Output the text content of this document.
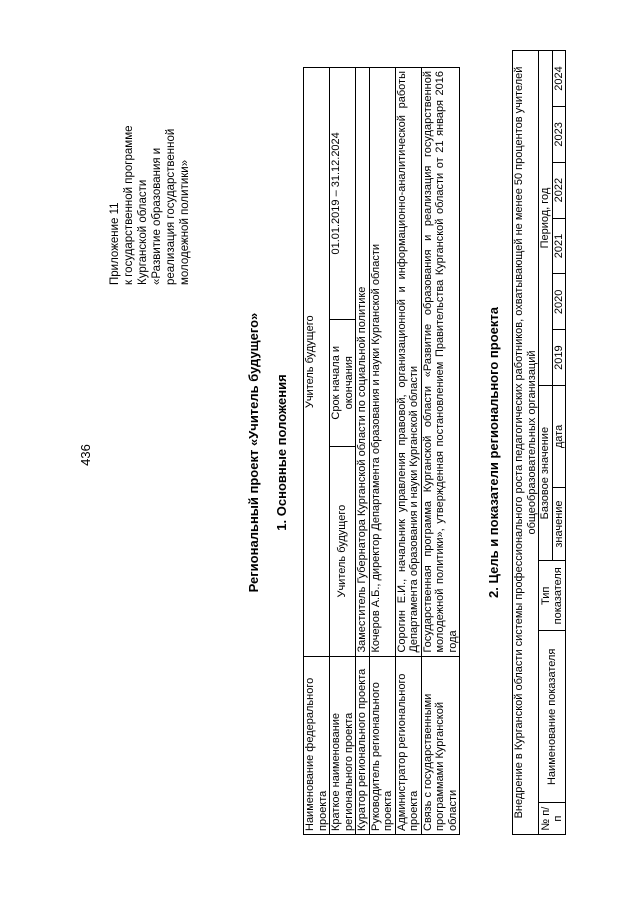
436
Приложение 11 к государственной программе Курганской области «Развитие образования и реализация государственной молодежной политики»
Региональный проект «Учитель будущего» 1. Основные положения
Наименование федерального проекта	Учитель будущего		
Краткое наименование регионального проекта	Учитель будущего	Срок начала и окончания	01.01.2019 – 31.12.2024
Куратор регионального проекта	Заместитель Губернатора Курганской области по социальной политике		
Руководитель регионального проекта	Кочеров А.Б., директор Департамента образования и науки Курганской области		
Администратор регионального проекта	Сорогин Е.И., начальник управления правовой, организационной и информационно-аналитической работы Департамента образования и науки Курганской области		
Связь с государственными программами Курганской области	Государственная программа Курганской области «Развитие образования и реализация государственной молодежной политики», утвержденная постановлением Правительства Курганской области от 21 января 2016 года		
2. Цель и показатели регионального проекта Внедрение в Курганской области системы профессионального роста педагогических работников, охватывающей не менее 50 процентов учителей общеобразовательных организаций										
№ п/п	Наименование показателя	Тип показателя	Базовое значение		Период, год					
			значение	дата	2019	2020	2021	2022	2023	2024
